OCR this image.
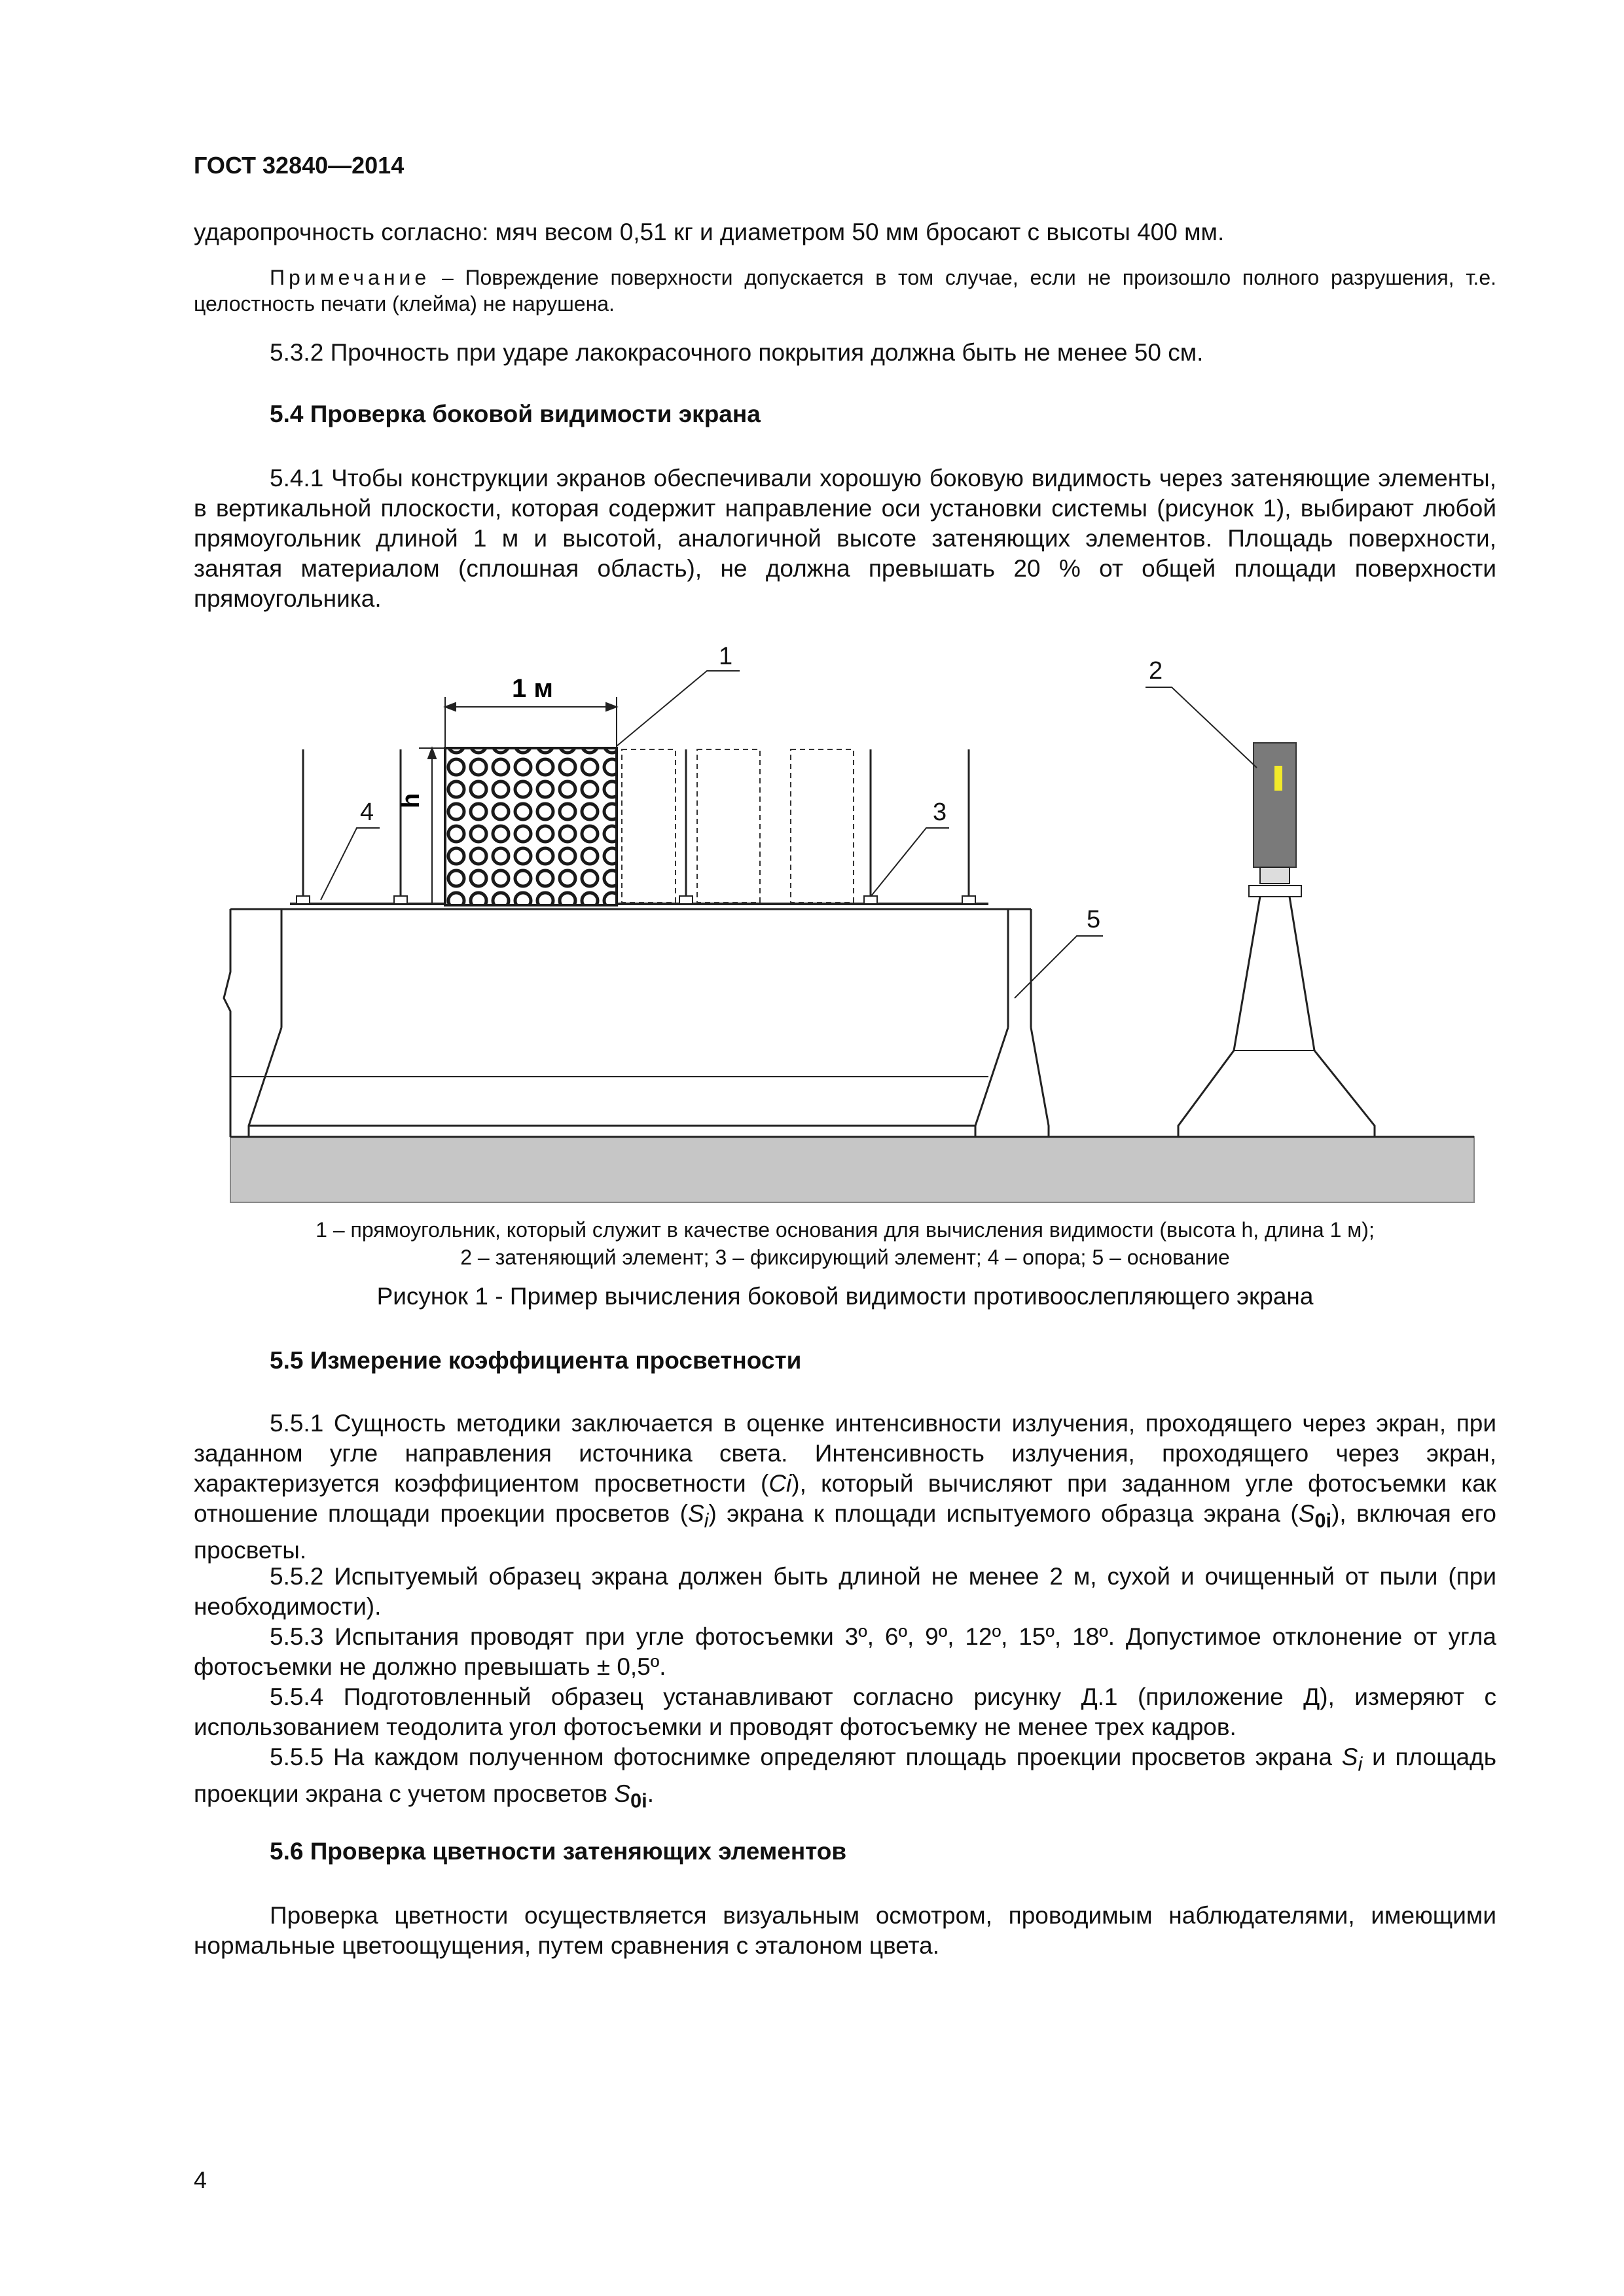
ГОСТ 32840—2014

ударопрочность согласно: мяч весом 0,51 кг и диаметром 50 мм бросают с высоты 400 мм.

Примечание – Повреждение поверхности допускается в том случае, если не произошло полного разрушения, т.е. целостность печати (клейма) не нарушена.

5.3.2 Прочность при ударе лакокрасочного покрытия должна быть не менее 50 см.

5.4 Проверка боковой видимости экрана

5.4.1 Чтобы конструкции экранов обеспечивали хорошую боковую видимость через затеняющие элементы, в вертикальной плоскости, которая содержит направление оси установки системы (рисунок 1), выбирают любой прямоугольник длиной 1 м и высотой, аналогичной высоте затеняющих элементов. Площадь поверхности, занятая материалом (сплошная область), не должна превышать 20 % от общей площади поверхности прямоугольника.

1 м
h
1
2
3
4
5
1 – прямоугольник, который служит в качестве основания для вычисления видимости (высота h, длина 1 м);
2 – затеняющий элемент; 3 – фиксирующий элемент; 4 – опора; 5 – основание
Рисунок 1 - Пример вычисления боковой видимости противоослепляющего экрана
5.5 Измерение коэффициента просветности

5.5.1 Сущность методики заключается в оценке интенсивности излучения, проходящего через экран, при заданном угле направления источника света. Интенсивность излучения, проходящего через экран, характеризуется коэффициентом просветности (Ci), который вычисляют при заданном угле фотосъемки как отношение площади проекции просветов $(S_i)$ экрана к площади испытуемого образца экрана $(S_{0i})$, включая его просветы.

5.5.2 Испытуемый образец экрана должен быть длиной не менее 2 м, сухой и очищенный от пыли (при необходимости).

5.5.3 Испытания проводят при угле фотосъемки 3º, 6º, 9º, 12º, 15º, 18º. Допустимое отклонение от угла фотосъемки не должно превышать ± 0,5º.

5.5.4 Подготовленный образец устанавливают согласно рисунку Д.1 (приложение Д), измеряют с использованием теодолита угол фотосъемки и проводят фотосъемку не менее трех кадров.

5.5.5 На каждом полученном фотоснимке определяют площадь проекции просветов экрана $S_i$ и площадь проекции экрана с учетом просветов $S_{0i}$.

5.6 Проверка цветности затеняющих элементов

Проверка цветности осуществляется визуальным осмотром, проводимым наблюдателями, имеющими нормальные цветоощущения, путем сравнения с эталоном цвета.

4
